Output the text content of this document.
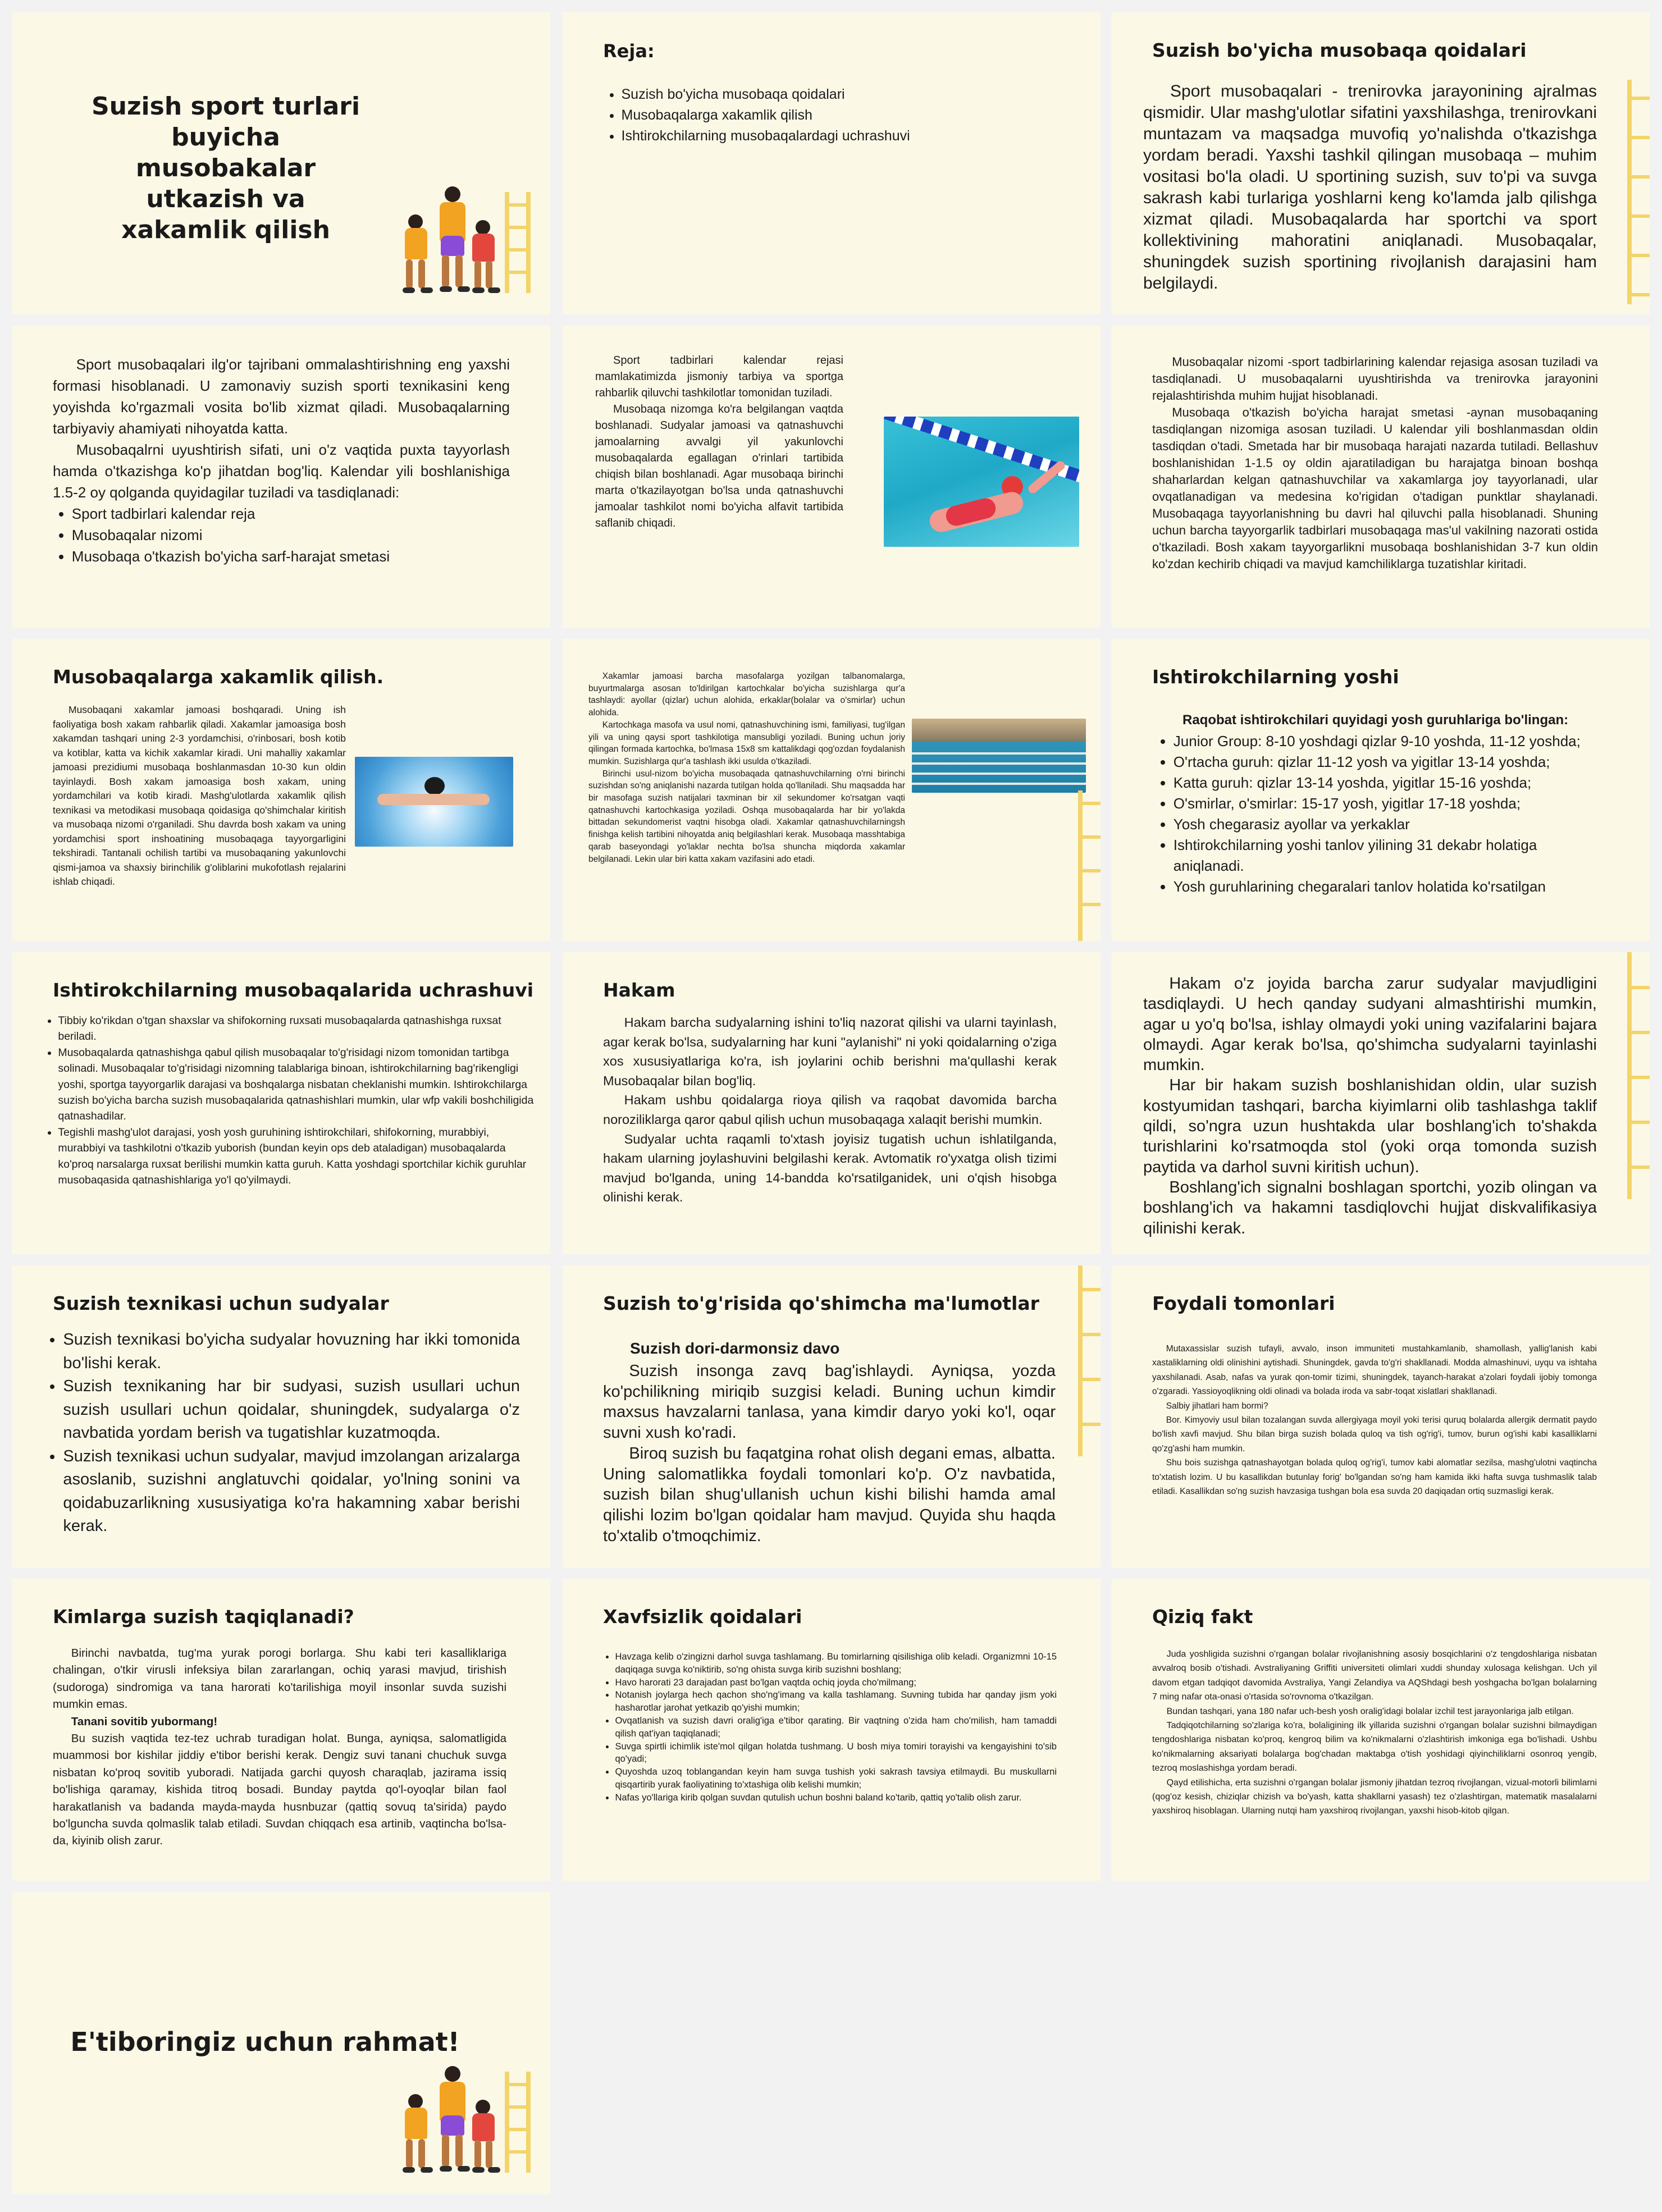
Suzish sport turlari buyicha musobakalar utkazish va xakamlik qilish
Reja:
• Suzish bo'yicha musobaqa qoidalari
• Musobaqalarga xakamlik qilish
• Ishtirokchilarning musobaqalardagi uchrashuvi
Suzish bo'yicha musobaqa qoidalari

Sport musobaqalari - trenirovka jarayonining ajralmas qismidir. Ular mashg'ulotlar sifatini yaxshilashga, trenirovkani muntazam va maqsadga muvofiq yo'nalishda o'tkazishga yordam beradi. Yaxshi tashkil qilingan musobaqa – muhim vositasi bo'la oladi. U sportining suzish, suv to'pi va suvga sakrash kabi turlariga yoshlarni keng ko'lamda jalb qilishga xizmat qiladi. Musobaqalarda har sportchi va sport kollektivining mahoratini aniqlanadi. Musobaqalar, shuningdek suzish sportining rivojlanish darajasini ham belgilaydi.

Sport musobaqalari ilg'or tajribani ommalashtirishning eng yaxshi formasi hisoblanadi. U zamonaviy suzish sporti texnikasini keng yoyishda ko'rgazmali vosita bo'lib xizmat qiladi. Musobaqalarning tarbiyaviy ahamiyati nihoyatda katta.

Musobaqalrni uyushtirish sifati, uni o'z vaqtida puxta tayyorlash hamda o'tkazishga ko'p jihatdan bog'liq. Kalendar yili boshlanishiga 1.5-2 oy qolganda quyidagilar tuziladi va tasdiqlanadi:

• Sport tadbirlari kalendar reja
• Musobaqalar nizomi
• Musobaqa o'tkazish bo'yicha sarf-harajat smetasi

Sport tadbirlari kalendar rejasi mamlakatimizda jismoniy tarbiya va sportga rahbarlik qiluvchi tashkilotlar tomonidan tuziladi.

Musobaqa nizomga ko'ra belgilangan vaqtda boshlanadi. Sudyalar jamoasi va qatnashuvchi jamoalarning avvalgi yil yakunlovchi musobaqalarda egallagan o'rinlari tartibida chiqish bilan boshlanadi. Agar musobaqa birinchi marta o'tkazilayotgan bo'lsa unda qatnashuvchi jamoalar tashkilot nomi bo'yicha alfavit tartibida saflanib chiqadi.

Musobaqalar nizomi -sport tadbirlarining kalendar rejasiga asosan tuziladi va tasdiqlanadi. U musobaqalarni uyushtirishda va trenirovka jarayonini rejalashtirishda muhim hujjat hisoblanadi.

Musobaqa o'tkazish bo'yicha harajat smetasi -aynan musobaqaning tasdiqlangan nizomiga asosan tuziladi. U kalendar yili boshlanmasdan oldin tasdiqdan o'tadi. Smetada har bir musobaqa harajati nazarda tutiladi. Bellashuv boshlanishidan 1-1.5 oy oldin ajaratiladigan bu harajatga binoan boshqa shaharlardan kelgan qatnashuvchilar va xakamlarga joy tayyorlanadi, ular ovqatlanadigan va medesina ko'rigidan o'tadigan punktlar shaylanadi. Musobaqaga tayyorlanishning bu davri hal qiluvchi palla hisoblanadi. Shuning uchun barcha tayyorgarlik tadbirlari musobaqaga mas'ul vakilning nazorati ostida o'tkaziladi. Bosh xakam tayyorgarlikni musobaqa boshlanishidan 3-7 kun oldin ko'zdan kechirib chiqadi va mavjud kamchiliklarga tuzatishlar kiritadi.

Musobaqalarga xakamlik qilish.

Musobaqani xakamlar jamoasi boshqaradi. Uning ish faoliyatiga bosh xakam rahbarlik qiladi. Xakamlar jamoasiga bosh xakamdan tashqari uning 2-3 yordamchisi, o'rinbosari, bosh kotib va kotiblar, katta va kichik xakamlar kiradi. Uni mahalliy xakamlar jamoasi prezidiumi musobaqa boshlanmasdan 10-30 kun oldin tayinlaydi. Bosh xakam jamoasiga bosh xakam, uning yordamchilari va kotib kiradi. Mashg'ulotlarda xakamlik qilish texnikasi va metodikasi musobaqa qoidasiga qo'shimchalar kiritish va musobaqa nizomi o'rganiladi. Shu davrda bosh xakam va uning yordamchisi sport inshoatining musobaqaga tayyorgarligini tekshiradi. Tantanali ochilish tartibi va musobaqaning yakunlovchi qismi-jamoa va shaxsiy birinchilik g'oliblarini mukofotlash rejalarini ishlab chiqadi.

Xakamlar jamoasi barcha masofalarga yozilgan talbanomalarga, buyurtmalarga asosan to'ldirilgan kartochkalar bo'yicha suzishlarga qur'a tashlaydi: ayollar (qizlar) uchun alohida, erkaklar(bolalar va o'smirlar) uchun alohida.

Kartochkaga masofa va usul nomi, qatnashuvchining ismi, familiyasi, tug'ilgan yili va uning qaysi sport tashkilotiga mansubligi yoziladi. Buning uchun joriy qilingan formada kartochka, bo'lmasa 15x8 sm kattalikdagi qog'ozdan foydalanish mumkin. Suzishlarga qur'a tashlash ikki usulda o'tkaziladi.

Birinchi usul-nizom bo'yicha musobaqada qatnashuvchilarning o'rni birinchi suzishdan so'ng aniqlanishi nazarda tutilgan holda qo'llaniladi. Shu maqsadda har bir masofaga suzish natijalari taxminan bir xil sekundomer ko'rsatgan vaqti qatnashuvchi kartochkasiga yoziladi. Oshqa musobaqalarda har bir yo'lakda bittadan sekundomerist vaqtni hisobga oladi. Xakamlar qatnashuvchilarningsh finishga kelish tartibini nihoyatda aniq belgilashlari kerak. Musobaqa masshtabiga qarab baseyondagi yo'laklar nechta bo'lsa shuncha miqdorda xakamlar belgilanadi. Lekin ular biri katta xakam vazifasini ado etadi.

Ishtirokchilarning yoshi
Raqobat ishtirokchilari quyidagi yosh guruhlariga bo'lingan:
• Junior Group: 8-10 yoshdagi qizlar 9-10 yoshda, 11-12 yoshda;
• O'rtacha guruh: qizlar 11-12 yosh va yigitlar 13-14 yoshda;
• Katta guruh: qizlar 13-14 yoshda, yigitlar 15-16 yoshda;
• O'smirlar, o'smirlar: 15-17 yosh, yigitlar 17-18 yoshda;
• Yosh chegarasiz ayollar va yerkaklar
• Ishtirokchilarning yoshi tanlov yilining 31 dekabr holatiga aniqlanadi.
• Yosh guruhlarining chegaralari tanlov holatida ko'rsatilgan
Ishtirokchilarning musobaqalarida uchrashuvi
• Tibbiy ko'rikdan o'tgan shaxslar va shifokorning ruxsati musobaqalarda qatnashishga ruxsat beriladi.
• Musobaqalarda qatnashishga qabul qilish musobaqalar to'g'risidagi nizom tomonidan tartibga solinadi. Musobaqalar to'g'risidagi nizomning talablariga binoan, ishtirokchilarning bag'rikengligi yoshi, sportga tayyorgarlik darajasi va boshqalarga nisbatan cheklanishi mumkin. Ishtirokchilarga suzish bo'yicha barcha suzish musobaqalarida qatnashishlari mumkin, ular wfp vakili boshchiligida qatnashadilar.
• Tegishli mashg'ulot darajasi, yosh yosh guruhining ishtirokchilari, shifokorning, murabbiyi, murabbiyi va tashkilotni o'tkazib yuborish (bundan keyin ops deb ataladigan) musobaqalarda ko'proq narsalarga ruxsat berilishi mumkin katta guruh. Katta yoshdagi sportchilar kichik guruhlar musobaqasida qatnashishlariga yo'l qo'yilmaydi.
Hakam

Hakam barcha sudyalarning ishini to'liq nazorat qilishi va ularni tayinlash, agar kerak bo'lsa, sudyalarning har kuni "aylanishi" ni yoki qoidalarning o'ziga xos xususiyatlariga ko'ra, ish joylarini ochib berishni ma'qullashi kerak Musobaqalar bilan bog'liq.

Hakam ushbu qoidalarga rioya qilish va raqobat davomida barcha noroziliklarga qaror qabul qilish uchun musobaqaga xalaqit berishi mumkin.

Sudyalar uchta raqamli to'xtash joyisiz tugatish uchun ishlatilganda, hakam ularning joylashuvini belgilashi kerak. Avtomatik ro'yxatga olish tizimi mavjud bo'lganda, uning 14-bandda ko'rsatilganidek, uni o'qish hisobga olinishi kerak.

Hakam o'z joyida barcha zarur sudyalar mavjudligini tasdiqlaydi. U hech qanday sudyani almashtirishi mumkin, agar u yo'q bo'lsa, ishlay olmaydi yoki uning vazifalarini bajara olmaydi. Agar kerak bo'lsa, qo'shimcha sudyalarni tayinlashi mumkin.

Har bir hakam suzish boshlanishidan oldin, ular suzish kostyumidan tashqari, barcha kiyimlarni olib tashlashga taklif qildi, so'ngra uzun hushtakda ular boshlang'ich to'shakda turishlarini ko'rsatmoqda stol (yoki orqa tomonda suzish paytida va darhol suvni kiritish uchun).

Boshlang'ich signalni boshlagan sportchi, yozib olingan va boshlang'ich va hakamni tasdiqlovchi hujjat diskvalifikasiya qilinishi kerak.

Suzish texnikasi uchun sudyalar
• Suzish texnikasi bo'yicha sudyalar hovuzning har ikki tomonida bo'lishi kerak.
• Suzish texnikaning har bir sudyasi, suzish usullari uchun suzish usullari uchun qoidalar, shuningdek, sudyalarga o'z navbatida yordam berish va tugatishlar kuzatmoqda.
• Suzish texnikasi uchun sudyalar, mavjud imzolangan arizalarga asoslanib, suzishni anglatuvchi qoidalar, yo'lning sonini va qoidabuzarlikning xususiyatiga ko'ra hakamning xabar berishi kerak.
Suzish to'g'risida qo'shimcha ma'lumotlar
Suzish dori-darmonsiz davo

Suzish insonga zavq bag'ishlaydi. Ayniqsa, yozda ko'pchilikning miriqib suzgisi keladi. Buning uchun kimdir maxsus havzalarni tanlasa, yana kimdir daryo yoki ko'l, oqar suvni xush ko'radi.

Biroq suzish bu faqatgina rohat olish degani emas, albatta. Uning salomatlikka foydali tomonlari ko'p. O'z navbatida, suzish bilan shug'ullanish uchun kishi bilishi hamda amal qilishi lozim bo'lgan qoidalar ham mavjud. Quyida shu haqda to'xtalib o'tmoqchimiz.

Foydali tomonlari

Mutaxassislar suzish tufayli, avvalo, inson immuniteti mustahkamlanib, shamollash, yallig'lanish kabi xastaliklarning oldi olinishini aytishadi. Shuningdek, gavda to'g'ri shakllanadi. Modda almashinuvi, uyqu va ishtaha yaxshilanadi. Asab, nafas va yurak qon-tomir tizimi, shuningdek, tayanch-harakat a'zolari foydali ijobiy tomonga o'zgaradi. Yassioyoqlikning oldi olinadi va bolada iroda va sabr-toqat xislatlari shakllanadi.

Salbiy jihatlari ham bormi?

Bor. Kimyoviy usul bilan tozalangan suvda allergiyaga moyil yoki terisi quruq bolalarda allergik dermatit paydo bo'lish xavfi mavjud. Shu bilan birga suzish bolada quloq va tish og'rig'i, tumov, burun og'ishi kabi kasalliklarni qo'zg'ashi ham mumkin.

Shu bois suzishga qatnashayotgan bolada quloq og'rig'i, tumov kabi alomatlar sezilsa, mashg'ulotni vaqtincha to'xtatish lozim. U bu kasallikdan butunlay forig' bo'lgandan so'ng ham kamida ikki hafta suvga tushmaslik talab etiladi. Kasallikdan so'ng suzish havzasiga tushgan bola esa suvda 20 daqiqadan ortiq suzmasligi kerak.

Kimlarga suzish taqiqlanadi?

Birinchi navbatda, tug'ma yurak porogi borlarga. Shu kabi teri kasalliklariga chalingan, o'tkir virusli infeksiya bilan zararlangan, ochiq yarasi mavjud, tirishish (sudoroga) sindromiga va tana harorati ko'tarilishiga moyil insonlar suvda suzishi mumkin emas.

Tanani sovitib yubormang!

Bu suzish vaqtida tez-tez uchrab turadigan holat. Bunga, ayniqsa, salomatligida muammosi bor kishilar jiddiy e'tibor berishi kerak. Dengiz suvi tanani chuchuk suvga nisbatan ko'proq sovitib yuboradi. Natijada garchi quyosh charaqlab, jazirama issiq bo'lishiga qaramay, kishida titroq bosadi. Bunday paytda qo'l-oyoqlar bilan faol harakatlanish va badanda mayda-mayda husnbuzar (qattiq sovuq ta'sirida) paydo bo'lguncha suvda qolmaslik talab etiladi. Suvdan chiqqach esa artinib, vaqtincha bo'lsa-da, kiyinib olish zarur.

Xavfsizlik qoidalari
• Havzaga kelib o'zingizni darhol suvga tashlamang. Bu tomirlarning qisilishiga olib keladi. Organizmni 10-15 daqiqaga suvga ko'niktirib, so'ng ohista suvga kirib suzishni boshlang;
• Havo harorati 23 darajadan past bo'lgan vaqtda ochiq joyda cho'milmang;
• Notanish joylarga hech qachon sho'ng'imang va kalla tashlamang. Suvning tubida har qanday jism yoki hasharotlar jarohat yetkazib qo'yishi mumkin;
• Ovqatlanish va suzish davri oralig'iga e'tibor qarating. Bir vaqtning o'zida ham cho'milish, ham tamaddi qilish qat'iyan taqiqlanadi;
• Suvga spirtli ichimlik iste'mol qilgan holatda tushmang. U bosh miya tomiri torayishi va kengayishini to'sib qo'yadi;
• Quyoshda uzoq toblangandan keyin ham suvga tushish yoki sakrash tavsiya etilmaydi. Bu muskullarni qisqartirib yurak faoliyatining to'xtashiga olib kelishi mumkin;
• Nafas yo'llariga kirib qolgan suvdan qutulish uchun boshni baland ko'tarib, qattiq yo'talib olish zarur.
Qiziq fakt

Juda yoshligida suzishni o'rgangan bolalar rivojlanishning asosiy bosqichlarini o'z tengdoshlariga nisbatan avvalroq bosib o'tishadi. Avstraliyaning Griffiti universiteti olimlari xuddi shunday xulosaga kelishgan. Uch yil davom etgan tadqiqot davomida Avstraliya, Yangi Zelandiya va AQShdagi besh yoshgacha bo'lgan bolalarning 7 ming nafar ota-onasi o'rtasida so'rovnoma o'tkazilgan.

Bundan tashqari, yana 180 nafar uch-besh yosh oralig'idagi bolalar izchil test jarayonlariga jalb etilgan.

Tadqiqotchilarning so'zlariga ko'ra, bolaligining ilk yillarida suzishni o'rgangan bolalar suzishni bilmaydigan tengdoshlariga nisbatan ko'proq, kengroq bilim va ko'nikmalarni o'zlashtirish imkoniga ega bo'lishadi. Ushbu ko'nikmalarning aksariyati bolalarga bog'chadan maktabga o'tish yoshidagi qiyinchiliklarni osonroq yengib, tezroq moslashishga yordam beradi.

Qayd etilishicha, erta suzishni o'rgangan bolalar jismoniy jihatdan tezroq rivojlangan, vizual-motorli bilimlarni (qog'oz kesish, chiziqlar chizish va bo'yash, katta shakllarni yasash) tez o'zlashtirgan, matematik masalalarni yaxshiroq hisoblagan. Ularning nutqi ham yaxshiroq rivojlangan, yaxshi hisob-kitob qilgan.

E'tiboringiz uchun rahmat!
